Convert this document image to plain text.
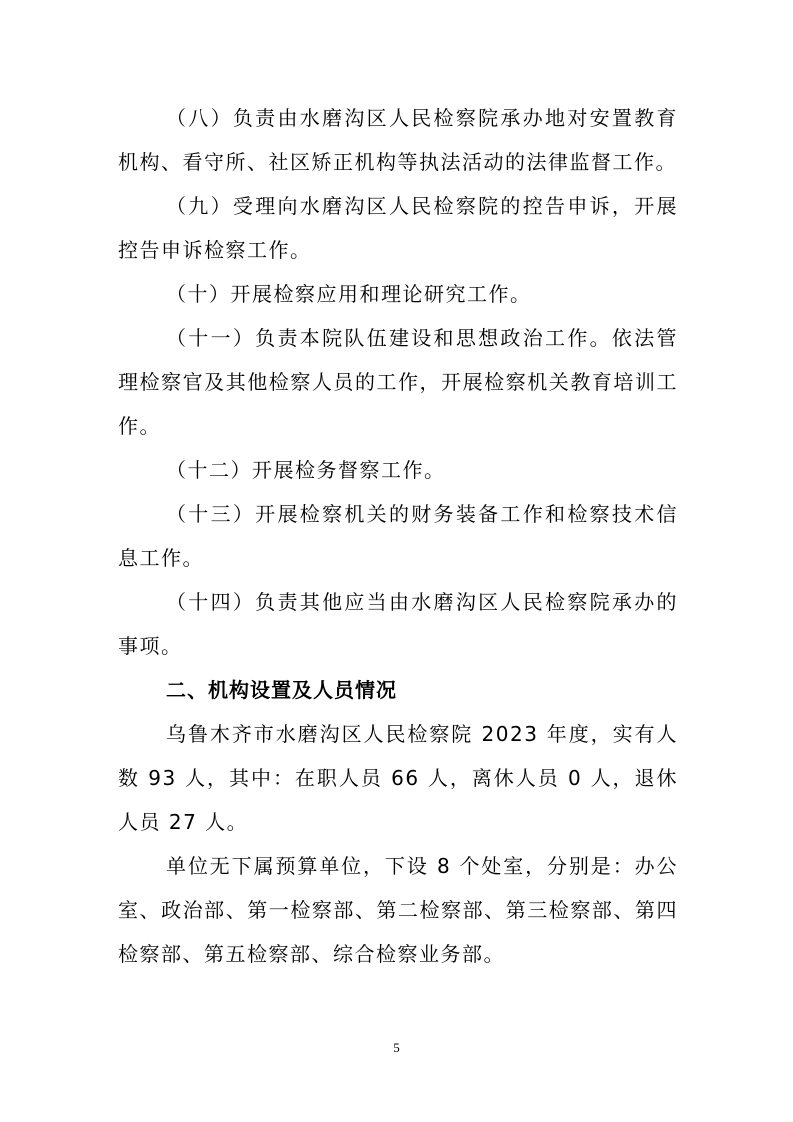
（八）负责由水磨沟区人民检察院承办地对安置教育机构、看守所、社区矫正机构等执法活动的法律监督工作。

（九）受理向水磨沟区人民检察院的控告申诉，开展控告申诉检察工作。

（十）开展检察应用和理论研究工作。

（十一）负责本院队伍建设和思想政治工作。依法管理检察官及其他检察人员的工作，开展检察机关教育培训工作。

（十二）开展检务督察工作。

（十三）开展检察机关的财务装备工作和检察技术信息工作。

（十四）负责其他应当由水磨沟区人民检察院承办的事项。

二、机构设置及人员情况

乌鲁木齐市水磨沟区人民检察院 2023 年度，实有人数 93 人，其中：在职人员 66 人，离休人员 0 人，退休人员 27 人。

单位无下属预算单位，下设 8 个处室，分别是：办公室、政治部、第一检察部、第二检察部、第三检察部、第四检察部、第五检察部、综合检察业务部。

5
